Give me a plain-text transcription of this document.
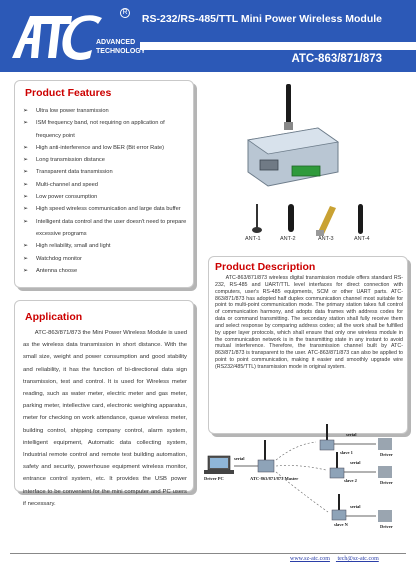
ADVANCED
TECHNOLOGY
R
RS-232/RS-485/TTL Mini Power Wireless Module
ATC-863/871/873
Product Features
➢ Ultra low power transmission
➢ ISM frequency band, not requiring on application of frequency point
➢ High anti-interference and low BER (Bit error Rate)
➢ Long transmission distance
➢ Transparent data transmission
➢ Multi-channel and speed
➢ Low power consumption
➢ High speed wireless communication and large data buffer
➢ Intelligent data control and the user doesn't need to prepare excessive programs
➢ High reliability, small and light
➢ Watchdog monitor
➢ Antenna choose
ANT-1	ANT-2	ANT-3	ANT-4
Product Description
ATC-863/871/873 wireless digital transmission module offers standard RS-232, RS-485 and UART/TTL level interfaces for direct connection with computers, user's RS-485 equipments, SCM or other UART parts. ATC-863/871/873 has adopted half duplex communication channel most suitable for point to multi-point communication mode. The primary station takes full control of communication harmony, and adopts data frames with address codes for data or command transmitting. The secondary station shall fully receive them and select response by comparing address codes; all the work shall be fulfilled by upper layer protocols, which shall ensure that only one wireless module in the communication network is in the transmitting state in any instant to avoid mutual interference. Therefore, the transmission channel built by ATC-863/871/873 is transparent to the user. ATC-863/871/873 can also be applied to point to point communication, making it easier and smoothly upgrade wire (RS232/485/TTL) transmission mode in original system.
Application
ATC-863/871/873 the Mini Power Wireless Module is used as the wireless data transmission in short distance. With the small size, weight and power consumption and good stability and reliability, it has the function of bi-directional data sign transmission, test and control. It is used for Wireless meter reading, such as water meter, electric meter and gas meter, parking meter, intellective card, electronic weighing apparatus, meter for checking on work attendance, queue wireless meter, building control, shipping company control, alarm system, intelligent equipment, Automatic data collecting system, Industrial remote control and remote test building automation, safety and security, powerhouse equipment wireless monitor, entrance control system, etc. It provides the USB power interface to be convenient for the mini computer and PC users if necessary.
serial
Driver PC	ATC-863/871/873 Master
serial
slave 1	Driver
serial
slave 2	Driver
serial
slave N	Driver
www.sz-atc.com tech@sz-atc.com
